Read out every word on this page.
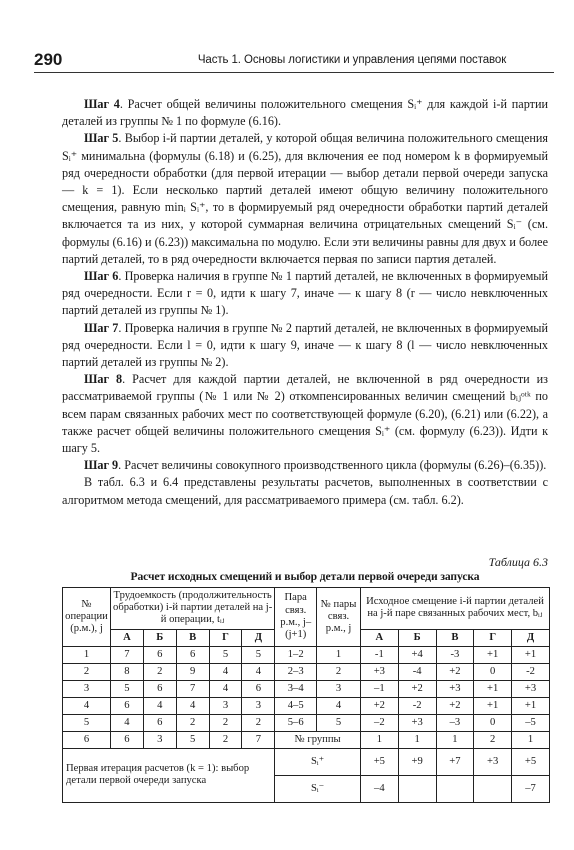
290	Часть 1. Основы логистики и управления цепями поставок

Шаг 4. Расчет общей величины положительного смещения Sᵢ⁺ для каждой i-й партии деталей из группы № 1 по формуле (6.16).

Шаг 5. Выбор i-й партии деталей, у которой общая величина положительного смещения Sᵢ⁺ минимальна (формулы (6.18) и (6.25), для включения ее под номером k в формируемый ряд очередности обработки (для первой итерации — выбор детали первой очереди запуска — k = 1). Если несколько партий деталей имеют общую величину положительного смещения, равную minᵢ Sᵢ⁺, то в формируемый ряд очередности обработки партий деталей включается та из них, у которой суммарная величина отрицательных смещений Sᵢ⁻ (см. формулы (6.16) и (6.23)) максимальна по модулю. Если эти величины равны для двух и более партий деталей, то в ряд очередности включается первая по записи партия деталей.

Шаг 6. Проверка наличия в группе № 1 партий деталей, не включенных в формируемый ряд очередности. Если r = 0, идти к шагу 7, иначе — к шагу 8 (r — число невключенных партий деталей из группы № 1).

Шаг 7. Проверка наличия в группе № 2 партий деталей, не включенных в формируемый ряд очередности. Если l = 0, идти к шагу 9, иначе — к шагу 8 (l — число невключенных партий деталей из группы № 2).

Шаг 8. Расчет для каждой партии деталей, не включенной в ряд очередности из рассматриваемой группы (№ 1 или № 2) откомпенсированных величин смещений bᵢⱼᵒᵗᵏ по всем парам связанных рабочих мест по соответствующей формуле (6.20), (6.21) или (6.22), а также расчет общей величины положительного смещения Sᵢ⁺ (см. формулу (6.23)). Идти к шагу 5.

Шаг 9. Расчет величины совокупного производственного цикла (формулы (6.26)–(6.35)).

В табл. 6.3 и 6.4 представлены результаты расчетов, выполненных в соответствии с алгоритмом метода смещений, для рассматриваемого примера (см. табл. 6.2).

Таблица 6.3
Расчет исходных смещений и выбор детали первой очереди запуска
№ операции (р.м.), j	Трудоемкость (продолжительность обработки) i-й партии деталей на j-й операции, tᵢⱼ					Пара связ. р.м., j–(j+1)	№ пары связ. р.м., j	Исходное смещение i-й партии деталей на j-й паре связанных рабочих мест, bᵢⱼ				
	А	Б	В	Г	Д			А	Б	В	Г	Д
1	7	6	6	5	5	1–2	1	-1	+4	-3	+1	+1
2	8	2	9	4	4	2–3	2	+3	-4	+2	0	-2
3	5	6	7	4	6	3–4	3	–1	+2	+3	+1	+3
4	6	4	4	3	3	4–5	4	+2	-2	+2	+1	+1
5	4	6	2	2	2	5–6	5	–2	+3	–3	0	–5
6	6	3	5	2	7	№ группы		1	1	1	2	1
Первая итерация расчетов (k = 1): выбор детали первой очереди запуска						Sᵢ⁺		+5	+9	+7	+3	+5
						Sᵢ⁻		–4				–7
